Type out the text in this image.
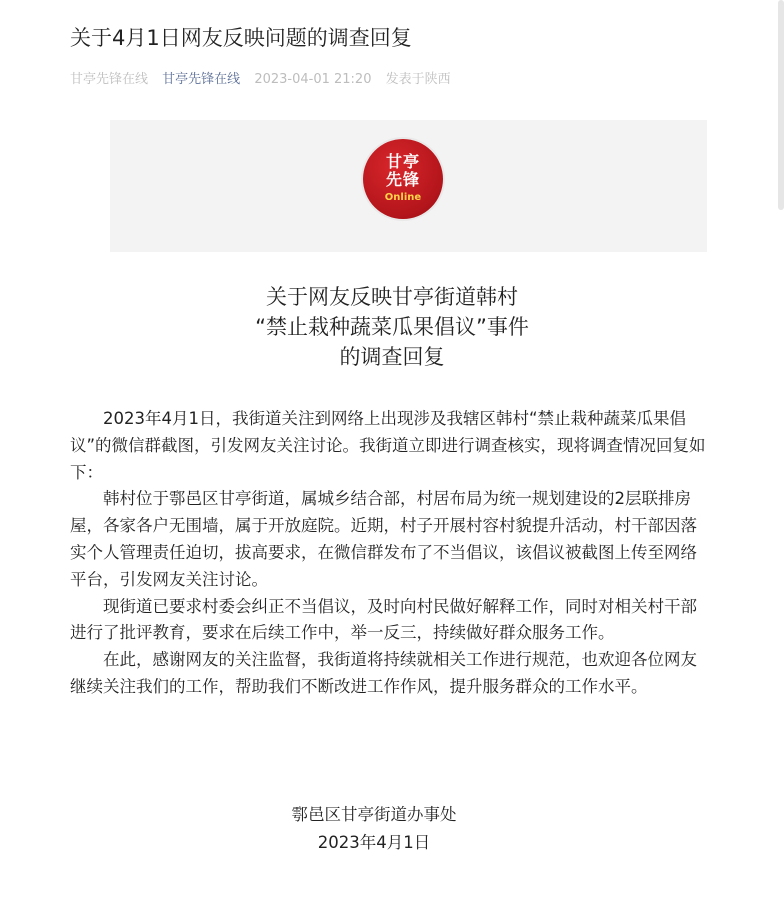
关于4月1日网友反映问题的调查回复
甘亭先锋在线 甘亭先锋在线 2023-04-01 21:20 发表于陕西
甘亭
先锋
Online
关于网友反映甘亭街道韩村
“禁止栽种蔬菜瓜果倡议”事件
的调查回复

2023年4月1日，我街道关注到网络上出现涉及我辖区韩村“禁止栽种蔬菜瓜果倡议”的微信群截图，引发网友关注讨论。我街道立即进行调查核实，现将调查情况回复如下：

韩村位于鄠邑区甘亭街道，属城乡结合部，村居布局为统一规划建设的2层联排房屋，各家各户无围墙，属于开放庭院。近期，村子开展村容村貌提升活动，村干部因落实个人管理责任迫切，拔高要求，在微信群发布了不当倡议，该倡议被截图上传至网络平台，引发网友关注讨论。

现街道已要求村委会纠正不当倡议，及时向村民做好解释工作，同时对相关村干部进行了批评教育，要求在后续工作中，举一反三，持续做好群众服务工作。

在此，感谢网友的关注监督，我街道将持续就相关工作进行规范，也欢迎各位网友继续关注我们的工作，帮助我们不断改进工作作风，提升服务群众的工作水平。

鄠邑区甘亭街道办事处
2023年4月1日
